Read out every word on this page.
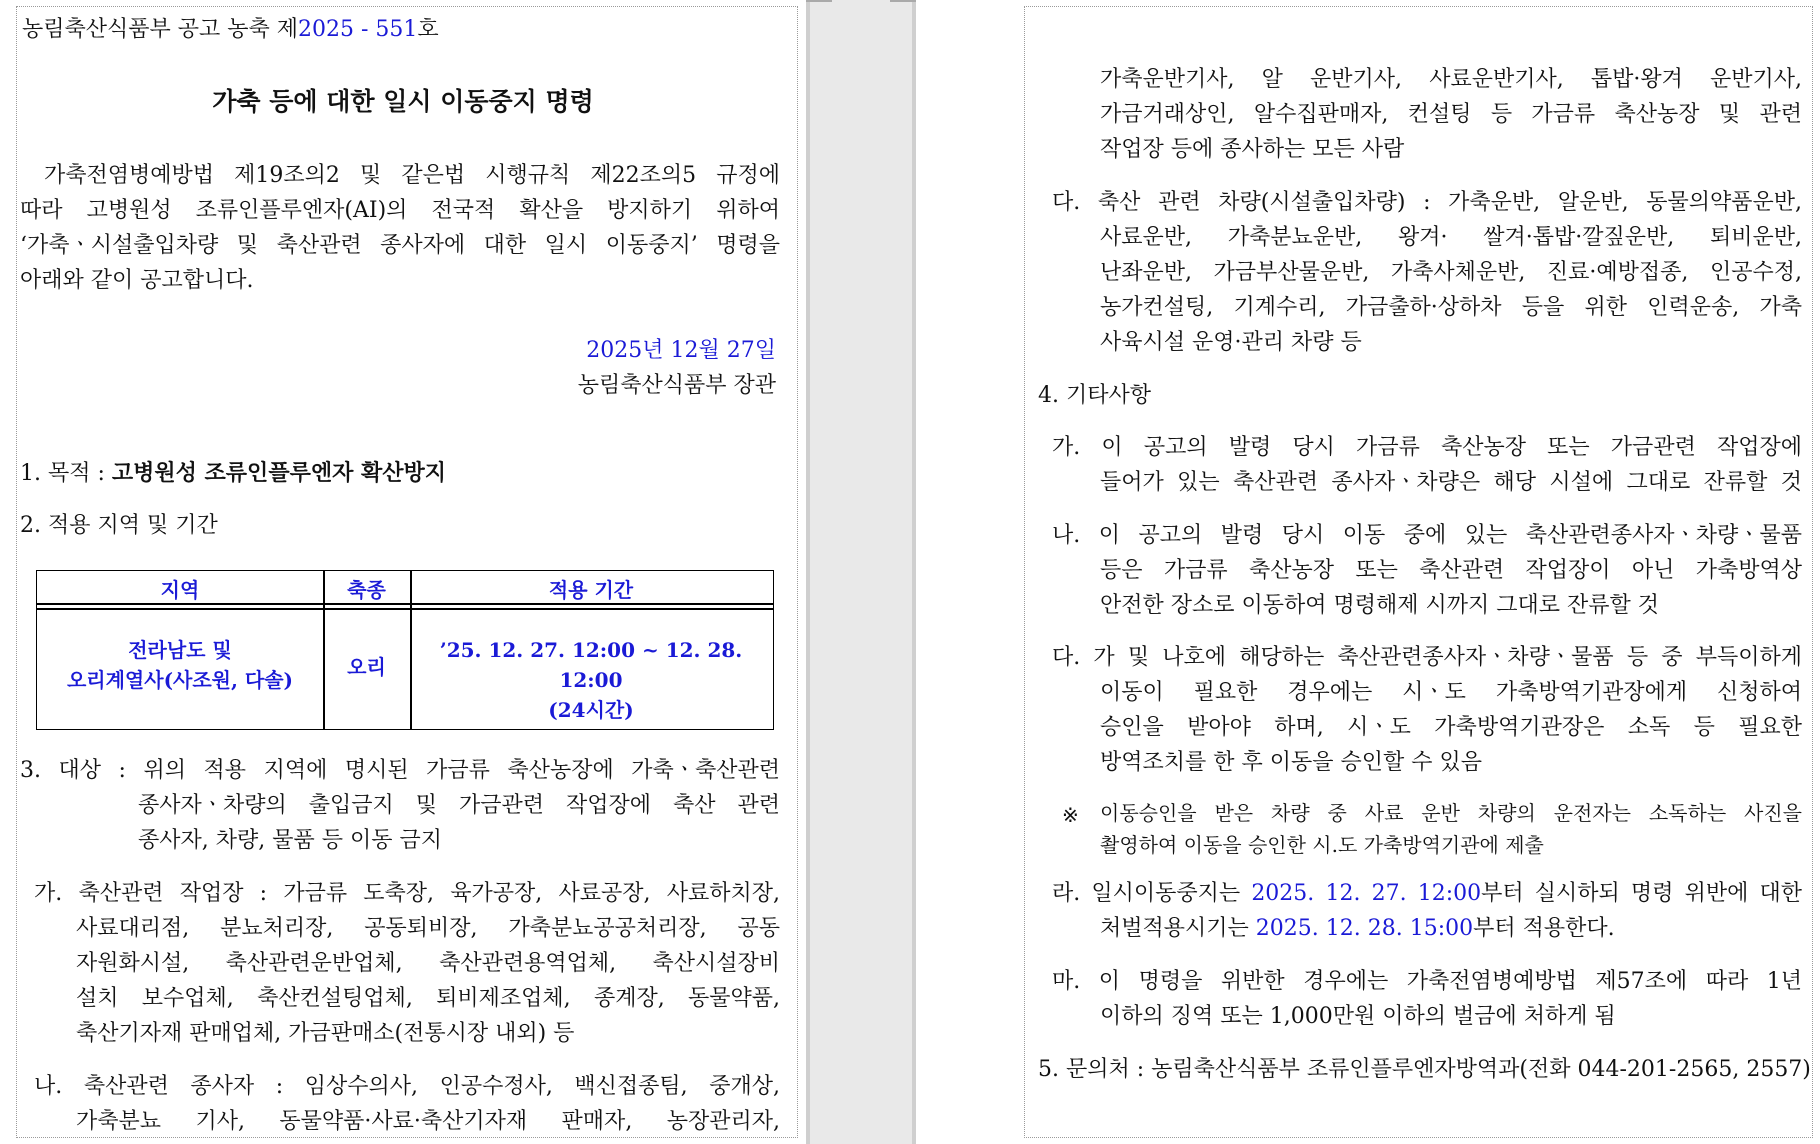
농림축산식품부 공고 농축 제2025 - 551호
가축 등에 대한 일시 이동중지 명령
가축전염병예방법 제19조의2 및 같은법 시행규칙 제22조의5 규정에
따라 고병원성 조류인플루엔자(AI)의 전국적 확산을 방지하기 위하여
‘가축ㆍ시설출입차량 및 축산관련 종사자에 대한 일시 이동중지’ 명령을
아래와 같이 공고합니다.
2025년 12월 27일
농림축산식품부 장관
1. 목적 : 고병원성 조류인플루엔자 확산방지
2. 적용 지역 및 기간
지역	축종	적용 기간
전라남도 및
오리계열사(사조원, 다솔)
오리
’25. 12. 27. 12:00 ~ 12. 28. 12:00
(24시간)
3. 대상 : 위의 적용 지역에 명시된 가금류 축산농장에 가축ㆍ축산관련
종사자ㆍ차량의 출입금지 및 가금관련 작업장에 축산 관련
종사자, 차량, 물품 등 이동 금지
가. 축산관련 작업장 : 가금류 도축장, 육가공장, 사료공장, 사료하치장,
사료대리점, 분뇨처리장, 공동퇴비장, 가축분뇨공공처리장, 공동
자원화시설, 축산관련운반업체, 축산관련용역업체, 축산시설장비
설치 보수업체, 축산컨설팅업체, 퇴비제조업체, 종계장, 동물약품,
축산기자재 판매업체, 가금판매소(전통시장 내외) 등
나. 축산관련 종사자 : 임상수의사, 인공수정사, 백신접종팀, 중개상,
가축분뇨 기사, 동물약품·사료·축산기자재 판매자, 농장관리자,
가축운반기사, 알 운반기사, 사료운반기사, 톱밥·왕겨 운반기사,
가금거래상인, 알수집판매자, 컨설팅 등 가금류 축산농장 및 관련
작업장 등에 종사하는 모든 사람
다. 축산 관련 차량(시설출입차량) : 가축운반, 알운반, 동물의약품운반,
사료운반, 가축분뇨운반, 왕겨· 쌀겨·톱밥·깔짚운반, 퇴비운반,
난좌운반, 가금부산물운반, 가축사체운반, 진료·예방접종, 인공수정,
농가컨설팅, 기계수리, 가금출하·상하차 등을 위한 인력운송, 가축
사육시설 운영·관리 차량 등
4. 기타사항
가. 이 공고의 발령 당시 가금류 축산농장 또는 가금관련 작업장에
들어가 있는 축산관련 종사자ㆍ차량은 해당 시설에 그대로 잔류할 것
나. 이 공고의 발령 당시 이동 중에 있는 축산관련종사자ㆍ차량ㆍ물품
등은 가금류 축산농장 또는 축산관련 작업장이 아닌 가축방역상
안전한 장소로 이동하여 명령해제 시까지 그대로 잔류할 것
다. 가 및 나호에 해당하는 축산관련종사자ㆍ차량ㆍ물품 등 중 부득이하게
이동이 필요한 경우에는 시ㆍ도 가축방역기관장에게 신청하여
승인을 받아야 하며, 시ㆍ도 가축방역기관장은 소독 등 필요한
방역조치를 한 후 이동을 승인할 수 있음
※ 이동승인을 받은 차량 중 사료 운반 차량의 운전자는 소독하는 사진을
촬영하여 이동을 승인한 시.도 가축방역기관에 제출
라. 일시이동중지는 2025. 12. 27. 12:00부터 실시하되 명령 위반에 대한
처벌적용시기는 2025. 12. 28. 15:00부터 적용한다.
마. 이 명령을 위반한 경우에는 가축전염병예방법 제57조에 따라 1년
이하의 징역 또는 1,000만원 이하의 벌금에 처하게 됨
5. 문의처 : 농림축산식품부 조류인플루엔자방역과(전화 044-201-2565, 2557)
